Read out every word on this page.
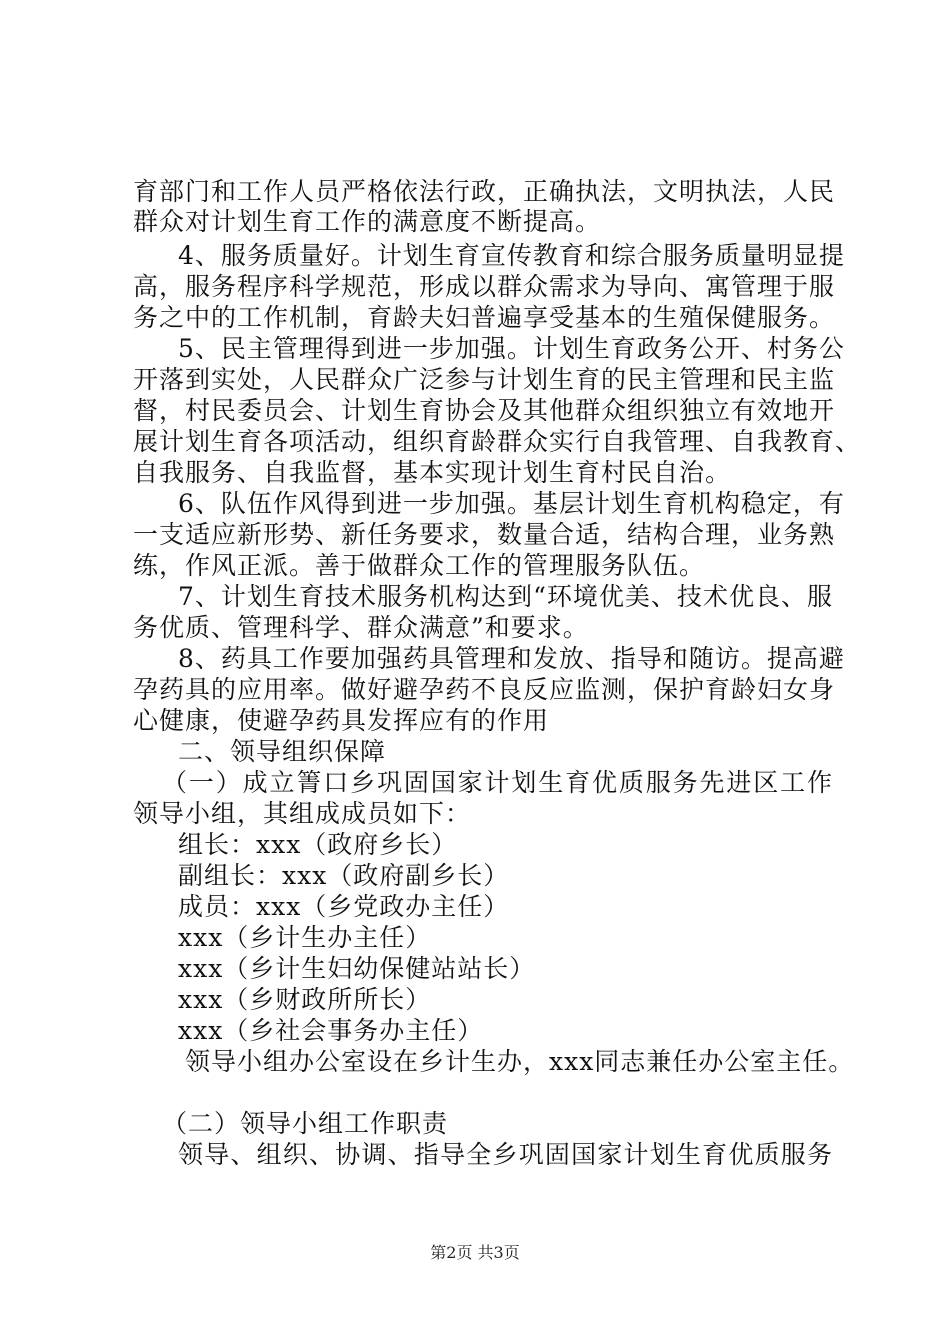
育部门和工作人员严格依法行政，正确执法，文明执法，人民
群众对计划生育工作的满意度不断提高。
4、服务质量好。计划生育宣传教育和综合服务质量明显提
高，服务程序科学规范，形成以群众需求为导向、寓管理于服
务之中的工作机制，育龄夫妇普遍享受基本的生殖保健服务。
5、民主管理得到进一步加强。计划生育政务公开、村务公
开落到实处，人民群众广泛参与计划生育的民主管理和民主监
督，村民委员会、计划生育协会及其他群众组织独立有效地开
展计划生育各项活动，组织育龄群众实行自我管理、自我教育、
自我服务、自我监督，基本实现计划生育村民自治。
6、队伍作风得到进一步加强。基层计划生育机构稳定，有
一支适应新形势、新任务要求，数量合适，结构合理，业务熟
练，作风正派。善于做群众工作的管理服务队伍。
7、计划生育技术服务机构达到“环境优美、技术优良、服
务优质、管理科学、群众满意”和要求。
8、药具工作要加强药具管理和发放、指导和随访。提高避
孕药具的应用率。做好避孕药不良反应监测，保护育龄妇女身
心健康，使避孕药具发挥应有的作用
二、领导组织保障
（一）成立箐口乡巩固国家计划生育优质服务先进区工作
领导小组，其组成成员如下：
组长：xxx（政府乡长）
副组长：xxx（政府副乡长）
成员：xxx（乡党政办主任）
xxx（乡计生办主任）
xxx（乡计生妇幼保健站站长）
xxx（乡财政所所长）
xxx（乡社会事务办主任）
领导小组办公室设在乡计生办，xxx同志兼任办公室主任。
（二）领导小组工作职责
领导、组织、协调、指导全乡巩固国家计划生育优质服务
第2页 共3页
